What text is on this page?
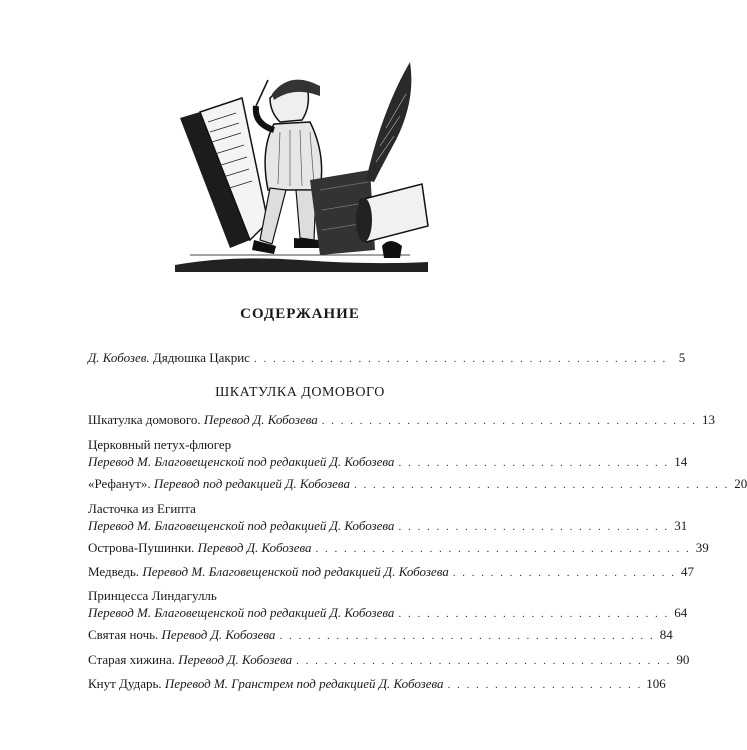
СОДЕРЖАНИЕ
Д. Кобозев. Дядюшка Цакрис . . . . . . . . . . . . . . . . . . . . . . . . . . . . . . . . . . . . . . . . . . . . 5
ШКАТУЛКА ДОМОВОГО
Шкатулка домового. Перевод Д. Кобозева . . . . . . . . . . . . . . . . . . . . . . . . . . . . . . . . . . . . . . . . 13
Церковный петух-флюгер
Перевод М. Благовещенской под редакцией Д. Кобозева . . . . . . . . . . . . . . . . . . . . . . . . . . . . . 14
«Рефанут». Перевод под редакцией Д. Кобозева . . . . . . . . . . . . . . . . . . . . . . . . . . . . . . . . . . . . . . . . 20
Ласточка из Египта
Перевод М. Благовещенской под редакцией Д. Кобозева . . . . . . . . . . . . . . . . . . . . . . . . . . . . . 31
Острова-Пушинки. Перевод Д. Кобозева . . . . . . . . . . . . . . . . . . . . . . . . . . . . . . . . . . . . . . . . 39
Медведь. Перевод М. Благовещенской под редакцией Д. Кобозева . . . . . . . . . . . . . . . . . . . . . . . . 47
Принцесса Линдагулль
Перевод М. Благовещенской под редакцией Д. Кобозева . . . . . . . . . . . . . . . . . . . . . . . . . . . . . 64
Святая ночь. Перевод Д. Кобозева . . . . . . . . . . . . . . . . . . . . . . . . . . . . . . . . . . . . . . . . 84
Старая хижина. Перевод Д. Кобозева . . . . . . . . . . . . . . . . . . . . . . . . . . . . . . . . . . . . . . . . 90
Кнут Дударь. Перевод М. Гранстрем под редакцией Д. Кобозева . . . . . . . . . . . . . . . . . . . . . 106
